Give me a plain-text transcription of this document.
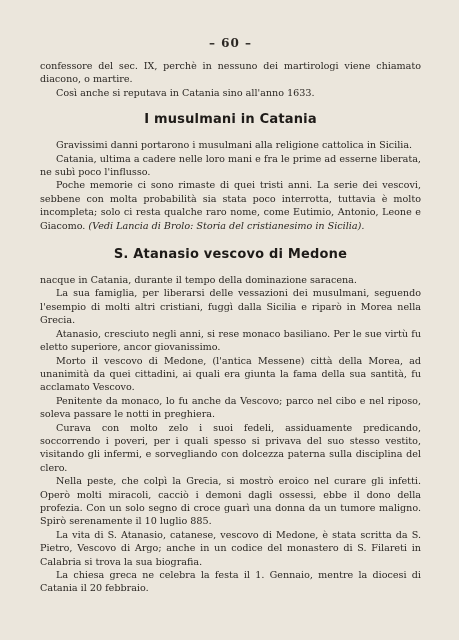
– 60 –

confessore del sec. IX, perchè in nessuno dei martirologi viene chiamato diacono, o martire.

Così anche si reputava in Catania sino all'anno 1633.

I musulmani in Catania

Gravissimi danni portarono i musulmani alla religione cattolica in Sicilia.

Catania, ultima a cadere nelle loro mani e fra le prime ad esserne liberata, ne subì poco l'influsso.

Poche memorie ci sono rimaste di quei tristi anni. La serie dei vescovi, sebbene con molta probabilità sia stata poco interrotta, tuttavia è molto incompleta; solo ci resta qualche raro nome, come Eutimio, Antonio, Leone e Giacomo. (Vedi Lancia di Brolo: Storia del cristianesimo in Sicilia).

S. Atanasio vescovo di Medone

nacque in Catania, durante il tempo della dominazione saracena.

La sua famiglia, per liberarsi delle vessazioni dei musulmani, seguendo l'esempio di molti altri cristiani, fuggì dalla Sicilia e riparò in Morea nella Grecia.

Atanasio, cresciuto negli anni, si rese monaco basiliano. Per le sue virtù fu eletto superiore, ancor giovanissimo.

Morto il vescovo di Medone, (l'antica Messene) città della Morea, ad unanimità da quei cittadini, ai quali era giunta la fama della sua santità, fu acclamato Vescovo.

Penitente da monaco, lo fu anche da Vescovo; parco nel cibo e nel riposo, soleva passare le notti in preghiera.

Curava con molto zelo i suoi fedeli, assiduamente predicando, soccorrendo i poveri, per i quali spesso si privava del suo stesso vestito, visitando gli infermi, e sorvegliando con dolcezza paterna sulla disciplina del clero.

Nella peste, che colpì la Grecia, si mostrò eroico nel curare gli infetti. Operò molti miracoli, cacciò i demoni dagli ossessi, ebbe il dono della profezia. Con un solo segno di croce guarì una donna da un tumore maligno. Spirò serenamente il 10 luglio 885.

La vita di S. Atanasio, catanese, vescovo di Medone, è stata scritta da S. Pietro, Vescovo di Argo; anche in un codice del monastero di S. Filareti in Calabria si trova la sua biografia.

La chiesa greca ne celebra la festa il 1. Gennaio, mentre la diocesi di Catania il 20 febbraio.
